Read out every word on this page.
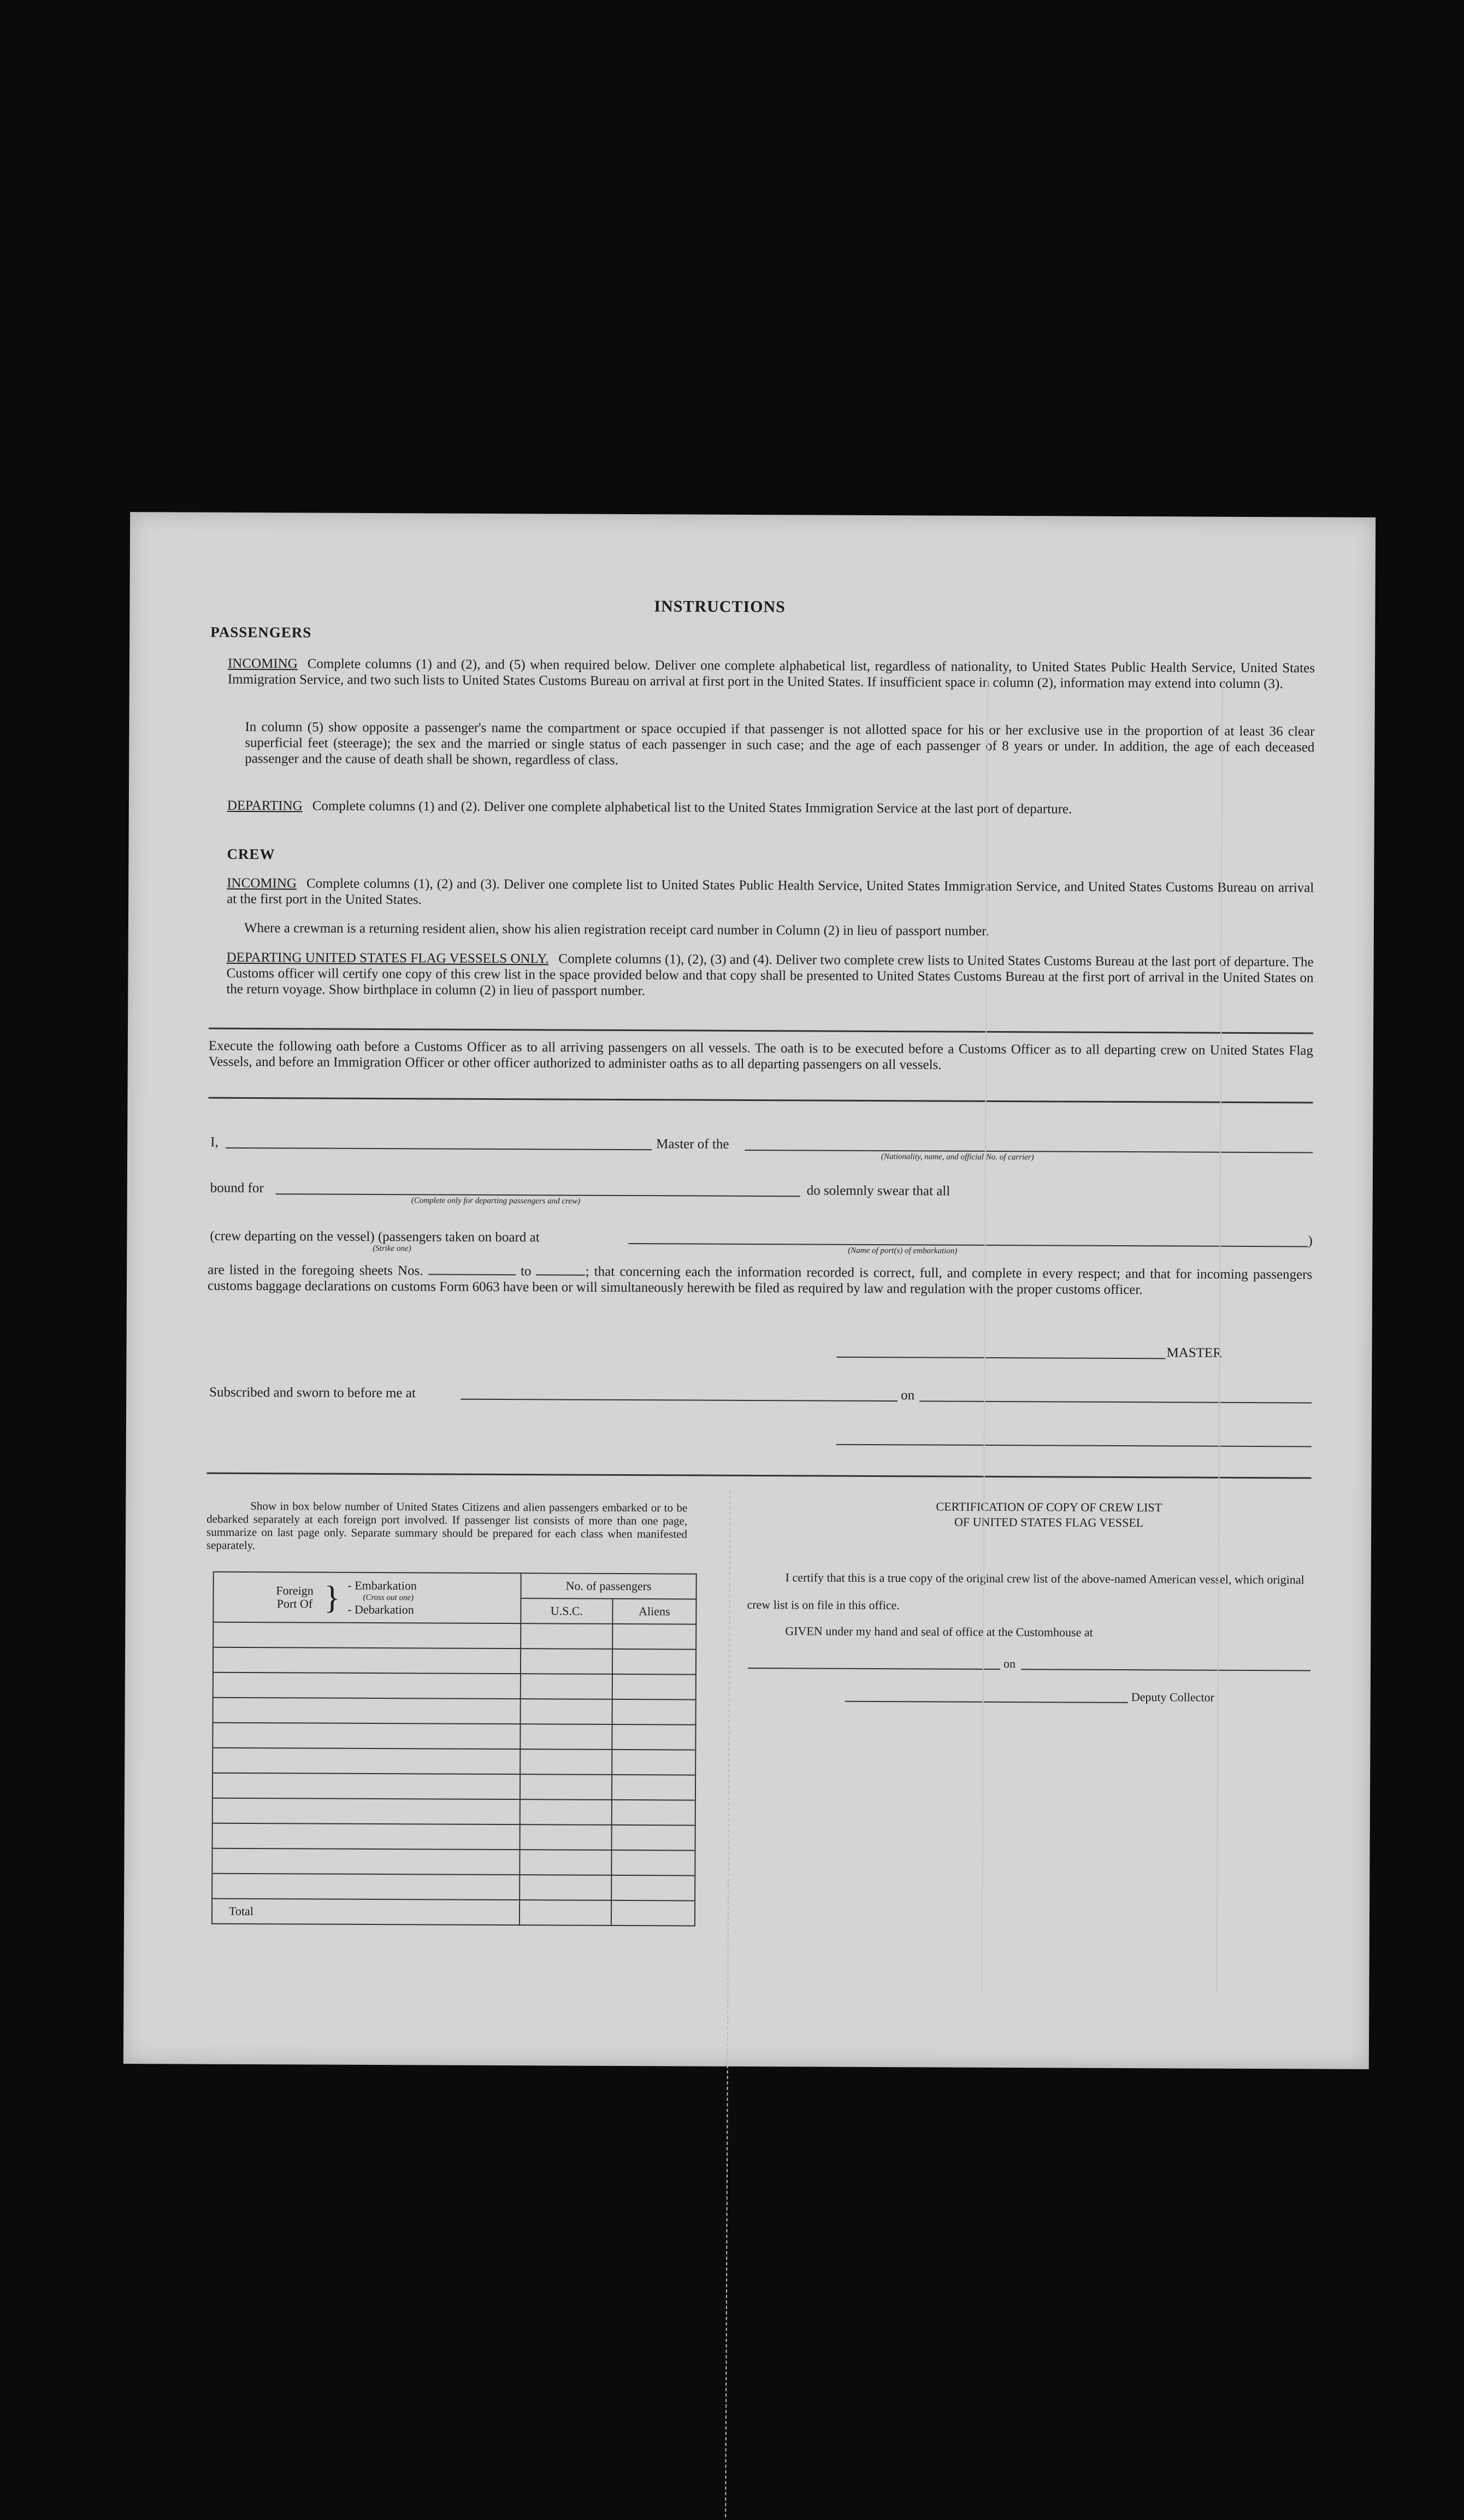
INSTRUCTIONS
PASSENGERS
INCOMING Complete columns (1) and (2), and (5) when required below. Deliver one complete alphabetical list, regardless of nationality, to United States Public Health Service, United States Immigration Service, and two such lists to United States Customs Bureau on arrival at first port in the United States. If insufficient space in column (2), information may extend into column (3).
In column (5) show opposite a passenger's name the compartment or space occupied if that passenger is not allotted space for his or her exclusive use in the proportion of at least 36 clear superficial feet (steerage); the sex and the married or single status of each passenger in such case; and the age of each passenger of 8 years or under. In addition, the age of each deceased passenger and the cause of death shall be shown, regardless of class.
DEPARTING Complete columns (1) and (2). Deliver one complete alphabetical list to the United States Immigration Service at the last port of departure.
CREW
INCOMING Complete columns (1), (2) and (3). Deliver one complete list to United States Public Health Service, United States Immigration Service, and United States Customs Bureau on arrival at the first port in the United States.
Where a crewman is a returning resident alien, show his alien registration receipt card number in Column (2) in lieu of passport number.
DEPARTING UNITED STATES FLAG VESSELS ONLY. Complete columns (1), (2), (3) and (4). Deliver two complete crew lists to United States Customs Bureau at the last port of departure. The Customs officer will certify one copy of this crew list in the space provided below and that copy shall be presented to United States Customs Bureau at the first port of arrival in the United States on the return voyage. Show birthplace in column (2) in lieu of passport number.
Execute the following oath before a Customs Officer as to all arriving passengers on all vessels. The oath is to be executed before a Customs Officer as to all departing crew on United States Flag Vessels, and before an Immigration Officer or other officer authorized to administer oaths as to all departing passengers on all vessels.
I,	Master of the
(Nationality, name, and official No. of carrier)
bound for
(Complete only for departing passengers and crew)
do solemnly swear that all
(crew departing on the vessel) (passengers taken on board at
(Strike one)
)
(Name of port(s) of embarkation)
are listed in the foregoing sheets Nos.	to	; that concerning each the information recorded is correct, full, and complete in every respect; and that for incoming passengers customs baggage declarations on customs Form 6063 have been or will simultaneously herewith be filed as required by law and regulation with the proper customs officer.
MASTER
Subscribed and sworn to before me at	on
Show in box below number of United States Citizens and alien passengers embarked or to be debarked separately at each foreign port involved. If passenger list consists of more than one page, summarize on last page only. Separate summary should be prepared for each class when manifested separately.
Foreign Port Of } - Embarkation
(Cross out one)
- Debarkation	No. of passengers	
	U.S.C.	Aliens

Total		
CERTIFICATION OF COPY OF CREW LIST
OF UNITED STATES FLAG VESSEL
I certify that this is a true copy of the original crew list of the above-named American vessel, which original crew list is on file in this office.
GIVEN under my hand and seal of office at the Customhouse at
on
Deputy Collector
